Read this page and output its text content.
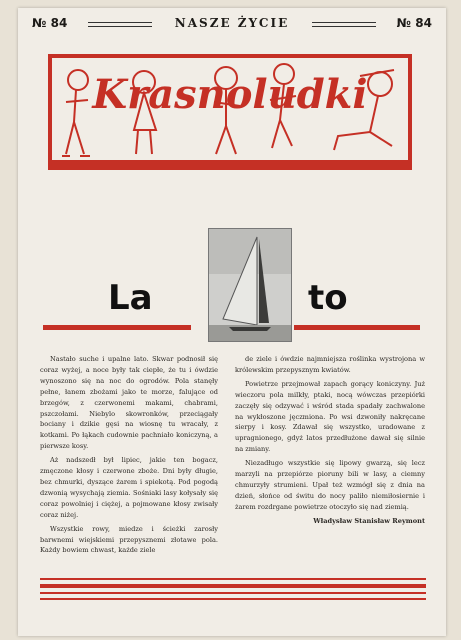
№ 84	NASZE ŻYCIE	№ 84
Krasnoludki
La	to

Nastało suche i upalne lato. Skwar podnosił się coraz wyżej, a noce były tak ciepłe, że tu i ówdzie wynoszono się na noc do ogrodów. Pola stanęły pełne, łanem zbożami jako te morze, falujące od brzegów, z czerwonemi makami, chabrami, pszczołami. Niebylo skowronków, przeciągały bociany i dzikie gęsi na wiosnę tu wracały, z kotkami. Po łąkach cudownie pachniało koniczyną, a pierwsze kosy.

Aż nadszedł był lipiec, jakie ten bogacz, zmęczone kłosy i czerwone zboże. Dni były długie, bez chmurki, dyszące żarem i spiekotą. Pod pogodą dzwonią wysychają ziemia. Sośniaki lasy kołysały się coraz powolniej i ciężej, a pojmowane kłosy zwisały coraz niżej.

Wszystkie rowy, miedze i ścieżki zarosły barwnemi wiejskiemi przepysznemi złotawe pola. Każdy bowiem chwast, każde ziele

de ziele i ówdzie najmniejsza roślinka wystrojona w królewskim przepysznym kwiatów.

Powietrze przejmował zapach gorący koniczyny. Już wieczoru pola milkły, ptaki, nocą wówczas przepiórki zaczęły się odzywać i wśród stada spadały zachwalone na wykłoszone jęczmiona. Po wsi dzwoniły nakręcane sierpy i kosy. Zdawał się wszystko, uradowane z upragnionego, gdyż latos przedłużone dawał się silnie na zmiany.

Niezadługo wszystkie się lipowy gwarzą, się lecz marzyli na przepiórze pioruny bili w lasy, a ciemny chmurzyły strumieni. Upał też wzmógł się z dnia na dzień, słońce od świtu do nocy paliło niemiłosiernie i żarem rozdrgane powietrze otoczyło się nad ziemią.

Władysław Stanisław Reymont
